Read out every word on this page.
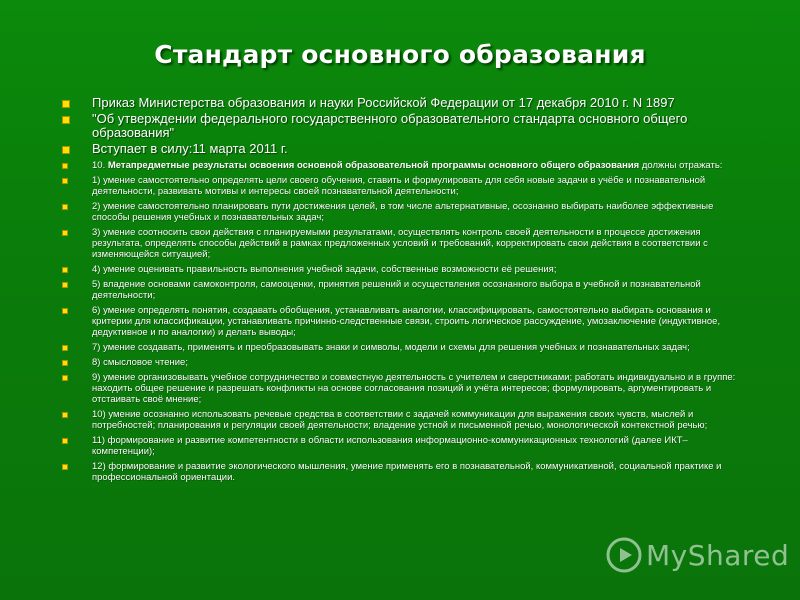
Стандарт основного образования
Приказ Министерства образования и науки Российской Федерации от 17 декабря 2010 г. N 1897
"Об утверждении федерального государственного образовательного стандарта основного общего образования"
Вступает в силу:11 марта 2011 г.
10. Метапредметные результаты освоения основной образовательной программы основного общего образования должны отражать:
1) умение самостоятельно определять цели своего обучения, ставить и формулировать для себя новые задачи в учёбе и познавательной деятельности, развивать мотивы и интересы своей познавательной деятельности;
2) умение самостоятельно планировать пути достижения целей, в том числе альтернативные, осознанно выбирать наиболее эффективные способы решения учебных и познавательных задач;
3) умение соотносить свои действия с планируемыми результатами, осуществлять контроль своей деятельности в процессе достижения результата, определять способы действий в рамках предложенных условий и требований, корректировать свои действия в соответствии с изменяющейся ситуацией;
4) умение оценивать правильность выполнения учебной задачи, собственные возможности её решения;
5) владение основами самоконтроля, самооценки, принятия решений и осуществления осознанного выбора в учебной и познавательной деятельности;
6) умение определять понятия, создавать обобщения, устанавливать аналогии, классифицировать, самостоятельно выбирать основания и критерии для классификации, устанавливать причинно-следственные связи, строить логическое рассуждение, умозаключение (индуктивное, дедуктивное и по аналогии) и делать выводы;
7) умение создавать, применять и преобразовывать знаки и символы, модели и схемы для решения учебных и познавательных задач;
8) смысловое чтение;
9) умение организовывать учебное сотрудничество и совместную деятельность с учителем и сверстниками; работать индивидуально и в группе: находить общее решение и разрешать конфликты на основе согласования позиций и учёта интересов; формулировать, аргументировать и отстаивать своё мнение;
10) умение осознанно использовать речевые средства в соответствии с задачей коммуникации для выражения своих чувств, мыслей и потребностей; планирования и регуляции своей деятельности; владение устной и письменной речью, монологической контекстной речью;
11) формирование и развитие компетентности в области использования информационно-коммуникационных технологий (далее ИКТ– компетенции);
12) формирование и развитие экологического мышления, умение применять его в познавательной, коммуникативной, социальной практике и профессиональной ориентации.
MyShared
